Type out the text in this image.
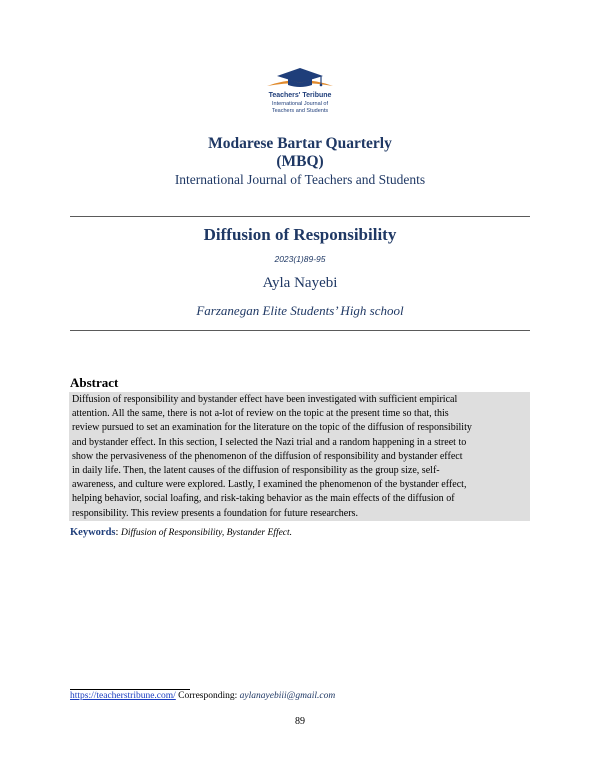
Teachers' Teribune
International Journal of
Teachers and Students
Modarese Bartar Quarterly
(MBQ)
International Journal of Teachers and Students
Diffusion of Responsibility
2023(1)89-95
Ayla Nayebi
Farzanegan Elite Students’ High school
Abstract
Diffusion of responsibility and bystander effect have been investigated with sufficient empirical
attention. All the same, there is not a-lot of review on the topic at the present time so that, this
review pursued to set an examination for the literature on the topic of the diffusion of responsibility
and bystander effect. In this section, I selected the Nazi trial and a random happening in a street to
show the pervasiveness of the phenomenon of the diffusion of responsibility and bystander effect
in daily life. Then, the latent causes of the diffusion of responsibility as the group size, self-
awareness, and culture were explored. Lastly, I examined the phenomenon of the bystander effect,
helping behavior, social loafing, and risk-taking behavior as the main effects of the diffusion of
responsibility. This review presents a foundation for future researchers.
Keywords: Diffusion of Responsibility, Bystander Effect.
https://teacherstribune.com/ Corresponding: aylanayebiii@gmail.com
89
